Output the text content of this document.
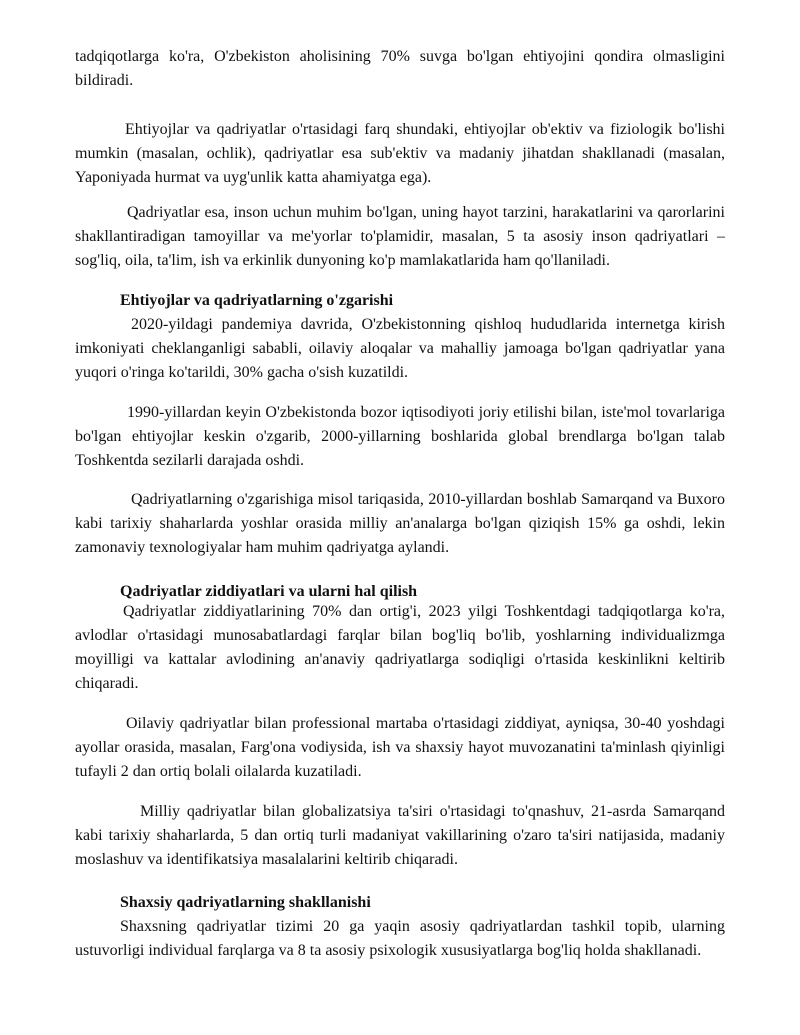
tadqiqotlarga ko'ra, O'zbekiston aholisining 70% suvga bo'lgan ehtiyojini qondira olmasligini bildiradi.

Ehtiyojlar va qadriyatlar o'rtasidagi farq shundaki, ehtiyojlar ob'ektiv va fiziologik bo'lishi mumkin (masalan, ochlik), qadriyatlar esa sub'ektiv va madaniy jihatdan shakllanadi (masalan, Yaponiyada hurmat va uyg'unlik katta ahamiyatga ega).

Qadriyatlar esa, inson uchun muhim bo'lgan, uning hayot tarzini, harakatlarini va qarorlarini shakllantiradigan tamoyillar va me'yorlar to'plamidir, masalan, 5 ta asosiy inson qadriyatlari – sog'liq, oila, ta'lim, ish va erkinlik dunyoning ko'p mamlakatlarida ham qo'llaniladi.

Ehtiyojlar va qadriyatlarning o'zgarishi

2020-yildagi pandemiya davrida, O'zbekistonning qishloq hududlarida internetga kirish imkoniyati cheklanganligi sababli, oilaviy aloqalar va mahalliy jamoaga bo'lgan qadriyatlar yana yuqori o'ringa ko'tarildi, 30% gacha o'sish kuzatildi.

1990-yillardan keyin O'zbekistonda bozor iqtisodiyoti joriy etilishi bilan, iste'mol tovarlariga bo'lgan ehtiyojlar keskin o'zgarib, 2000-yillarning boshlarida global brendlarga bo'lgan talab Toshkentda sezilarli darajada oshdi.

Qadriyatlarning o'zgarishiga misol tariqasida, 2010-yillardan boshlab Samarqand va Buxoro kabi tarixiy shaharlarda yoshlar orasida milliy an'analarga bo'lgan qiziqish 15% ga oshdi, lekin zamonaviy texnologiyalar ham muhim qadriyatga aylandi.

Qadriyatlar ziddiyatlari va ularni hal qilish

Qadriyatlar ziddiyatlarining 70% dan ortig'i, 2023 yilgi Toshkentdagi tadqiqotlarga ko'ra, avlodlar o'rtasidagi munosabatlardagi farqlar bilan bog'liq bo'lib, yoshlarning individualizmga moyilligi va kattalar avlodining an'anaviy qadriyatlarga sodiqligi o'rtasida keskinlikni keltirib chiqaradi.

Oilaviy qadriyatlar bilan professional martaba o'rtasidagi ziddiyat, ayniqsa, 30-40 yoshdagi ayollar orasida, masalan, Farg'ona vodiysida, ish va shaxsiy hayot muvozanatini ta'minlash qiyinligi tufayli 2 dan ortiq bolali oilalarda kuzatiladi.

Milliy qadriyatlar bilan globalizatsiya ta'siri o'rtasidagi to'qnashuv, 21-asrda Samarqand kabi tarixiy shaharlarda, 5 dan ortiq turli madaniyat vakillarining o'zaro ta'siri natijasida, madaniy moslashuv va identifikatsiya masalalarini keltirib chiqaradi.

Shaxsiy qadriyatlarning shakllanishi

Shaxsning qadriyatlar tizimi 20 ga yaqin asosiy qadriyatlardan tashkil topib, ularning ustuvorligi individual farqlarga va 8 ta asosiy psixologik xususiyatlarga bog'liq holda shakllanadi.
